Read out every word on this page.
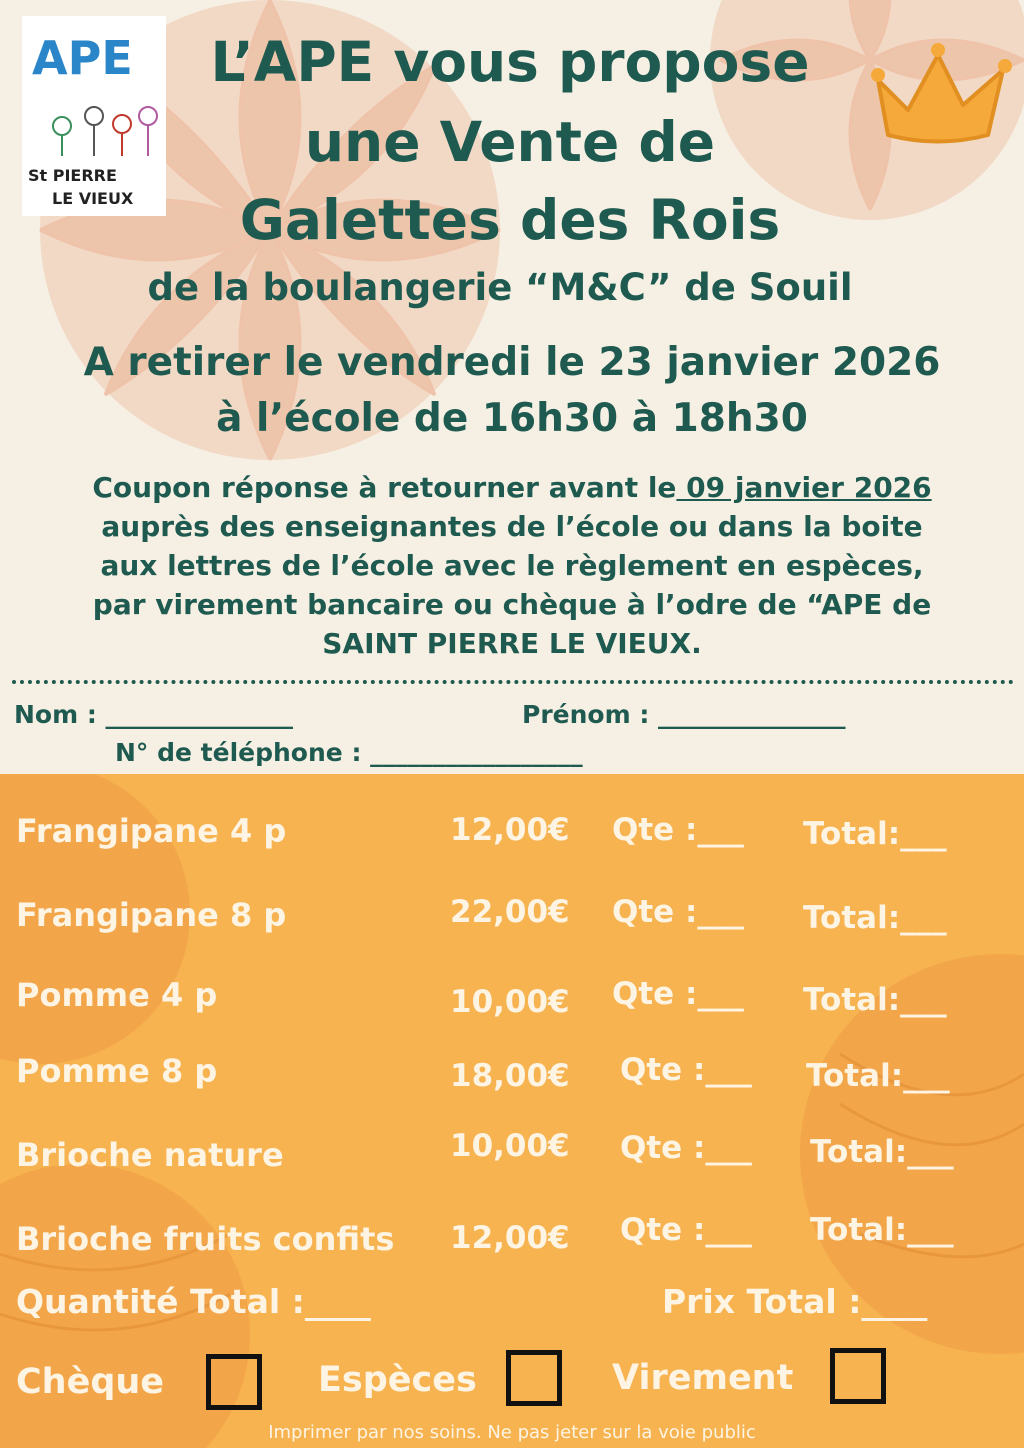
APE
St PIERRE
LE VIEUX
L’APE vous propose
une Vente de
Galettes des Rois
de la boulangerie “M&C” de Souil
A retirer le vendredi le 23 janvier 2026
à l’école de 16h30 à 18h30
Coupon réponse à retourner avant le 09 janvier 2026
auprès des enseignantes de l’école ou dans la boite
aux lettres de l’école avec le règlement en espèces,
par virement bancaire ou chèque à l’odre de “APE de
SAINT PIERRE LE VIEUX.
Nom : _______________	Prénom : _______________
N° de téléphone : _________________
Frangipane 4 p	12,00€ Qte :___ Total:___
Frangipane 8 p	22,00€ Qte :___ Total:___
Pomme 4 p	10,00€ Qte :___ Total:___
Pomme 8 p	18,00€ Qte :___ Total:___
Brioche nature	10,00€ Qte :___ Total:___
Brioche fruits confits 12,00€ Qte :___ Total:___
Quantité Total :____	Prix Total :____
Chèque	Espèces	Virement
Imprimer par nos soins. Ne pas jeter sur la voie public
